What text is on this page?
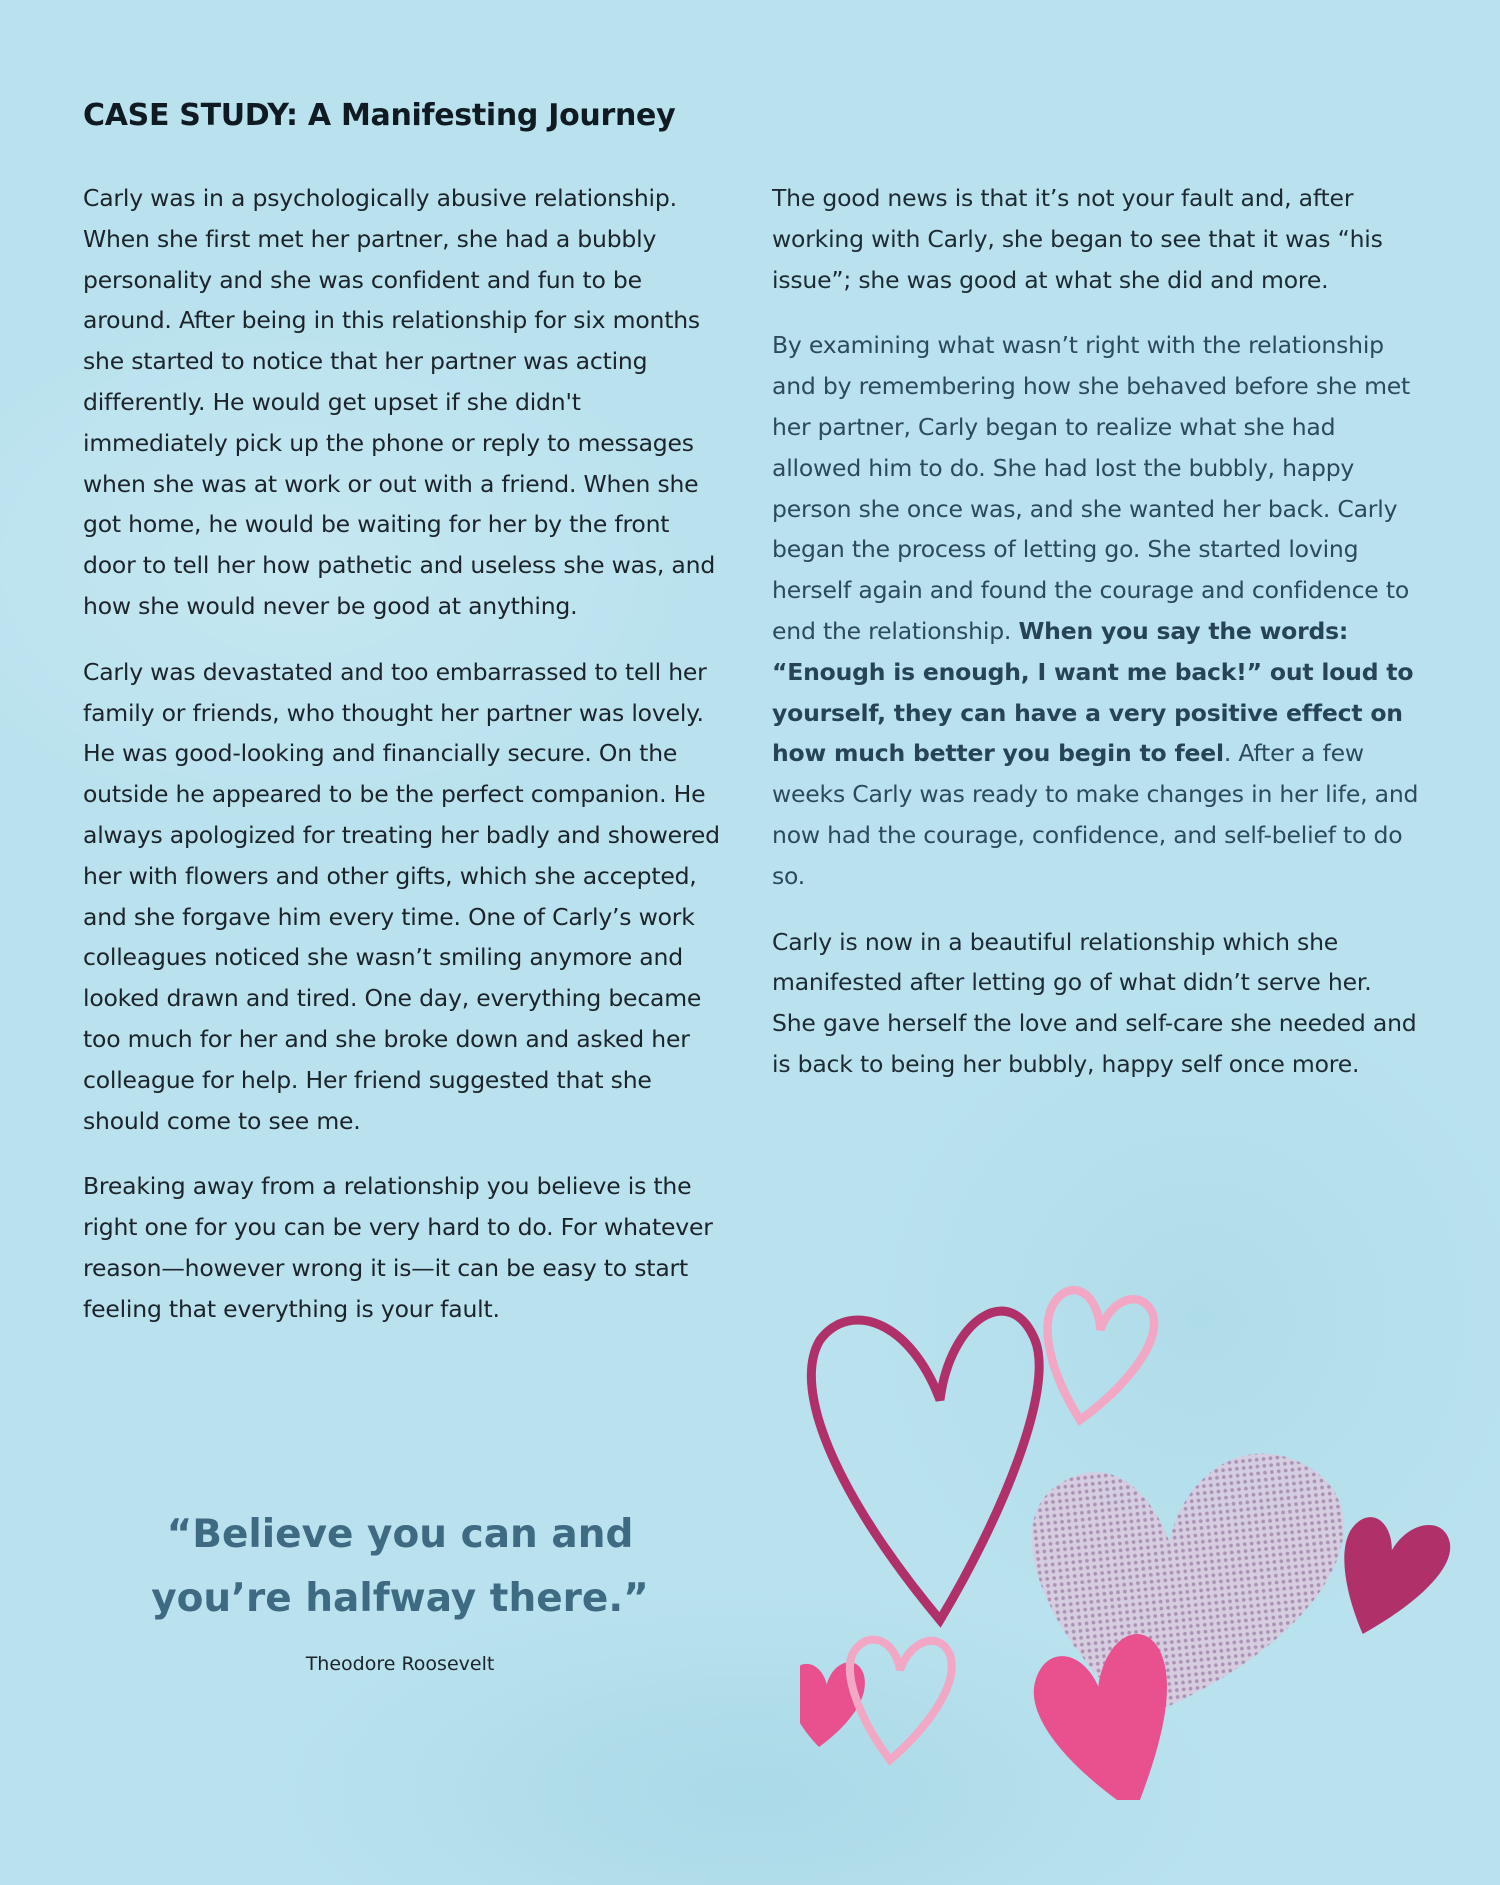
CASE STUDY: A Manifesting Journey

Carly was in a psychologically abusive relationship. When she first met her partner, she had a bubbly personality and she was confident and fun to be around. After being in this relationship for six months she started to notice that her partner was acting differently. He would get upset if she didn't immediately pick up the phone or reply to messages when she was at work or out with a friend. When she got home, he would be waiting for her by the front door to tell her how pathetic and useless she was, and how she would never be good at anything.

Carly was devastated and too embarrassed to tell her family or friends, who thought her partner was lovely. He was good-looking and financially secure. On the outside he appeared to be the perfect companion. He always apologized for treating her badly and showered her with flowers and other gifts, which she accepted, and she forgave him every time. One of Carly’s work colleagues noticed she wasn’t smiling anymore and looked drawn and tired. One day, everything became too much for her and she broke down and asked her colleague for help. Her friend suggested that she should come to see me.

Breaking away from a relationship you believe is the right one for you can be very hard to do. For whatever reason—however wrong it is—it can be easy to start feeling that everything is your fault.

The good news is that it’s not your fault and, after working with Carly, she began to see that it was “his issue”; she was good at what she did and more.

By examining what wasn’t right with the relationship and by remembering how she behaved before she met her partner, Carly began to realize what she had allowed him to do. She had lost the bubbly, happy person she once was, and she wanted her back. Carly began the process of letting go. She started loving herself again and found the courage and confidence to end the relationship. When you say the words: “Enough is enough, I want me back!” out loud to yourself, they can have a very positive effect on how much better you begin to feel. After a few weeks Carly was ready to make changes in her life, and now had the courage, confidence, and self-belief to do so.

Carly is now in a beautiful relationship which she manifested after letting go of what didn’t serve her. She gave herself the love and self-care she needed and is back to being her bubbly, happy self once more.

“Believe you can and
you’re halfway there.”

Theodore Roosevelt
